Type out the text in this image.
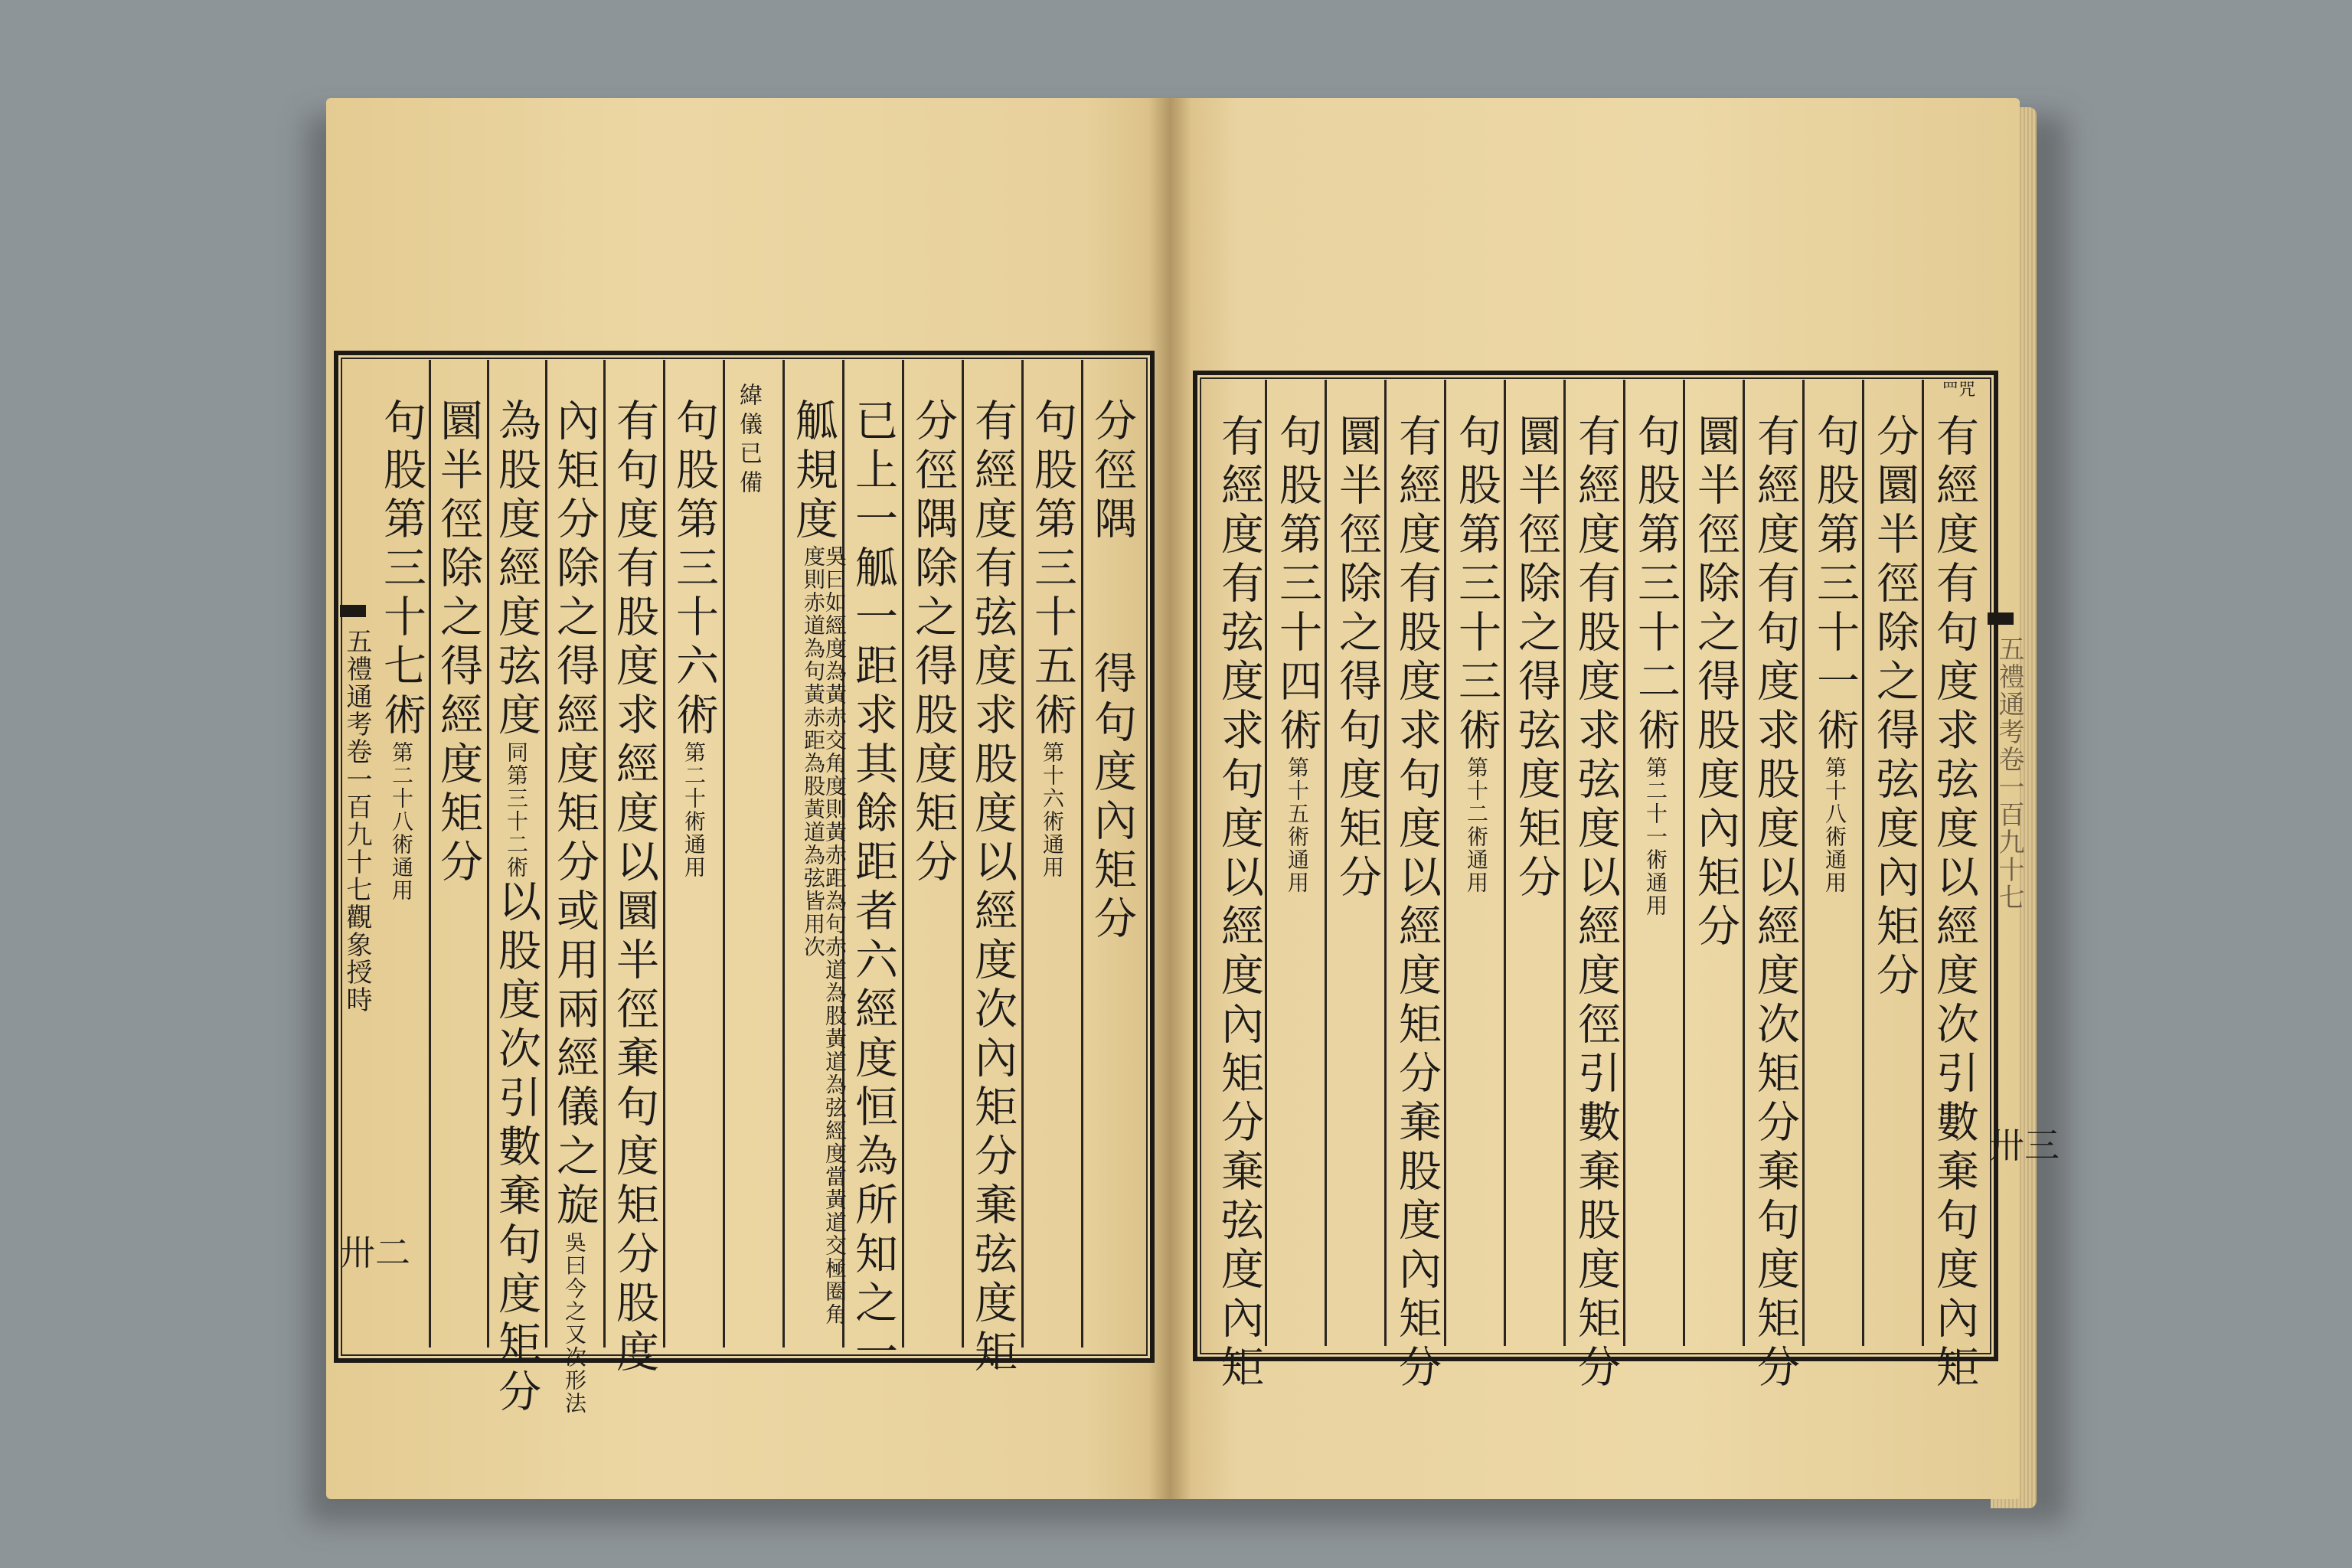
五禮通考卷一百九十七觀象授時
卅二
分徑隅
得句度內矩分
句股第三十五術第十六術通用
有經度有弦度求股度以經度次內矩分棄弦度矩
分徑隅除之得股度矩分
已上一觚一距求其餘距者六經度恒為所知之一
觚規度吳曰如經度為黃赤交角度則黃赤距為句赤道為股黃道為弦經度當黃道交極圈角度則赤道為句黃赤距為股黃道為弦皆用次
緯儀已備
句股第三十六術第二十術通用
有句度有股度求經度以圜半徑棄句度矩分股度
內矩分除之得經度矩分或用兩經儀之旋吳曰今之又次形法
為股度經度弦度同第三十二術以股度次引數棄句度矩分
圜半徑除之得經度矩分
句股第三十七術第二十八術通用	五禮通考卷一百九十七
卅三
罒咒
有經度有句度求弦度以經度次引數棄句度內矩
分圜半徑除之得弦度內矩分
句股第三十一術第十八術通用
有經度有句度求股度以經度次矩分棄句度矩分
圜半徑除之得股度內矩分
句股第三十二術第二十一術通用
有經度有股度求弦度以經度徑引數棄股度矩分
圜半徑除之得弦度矩分
句股第三十三術第十二術通用
有經度有股度求句度以經度矩分棄股度內矩分
圜半徑除之得句度矩分
句股第三十四術第十五術通用
有經度有弦度求句度以經度內矩分棄弦度內矩
